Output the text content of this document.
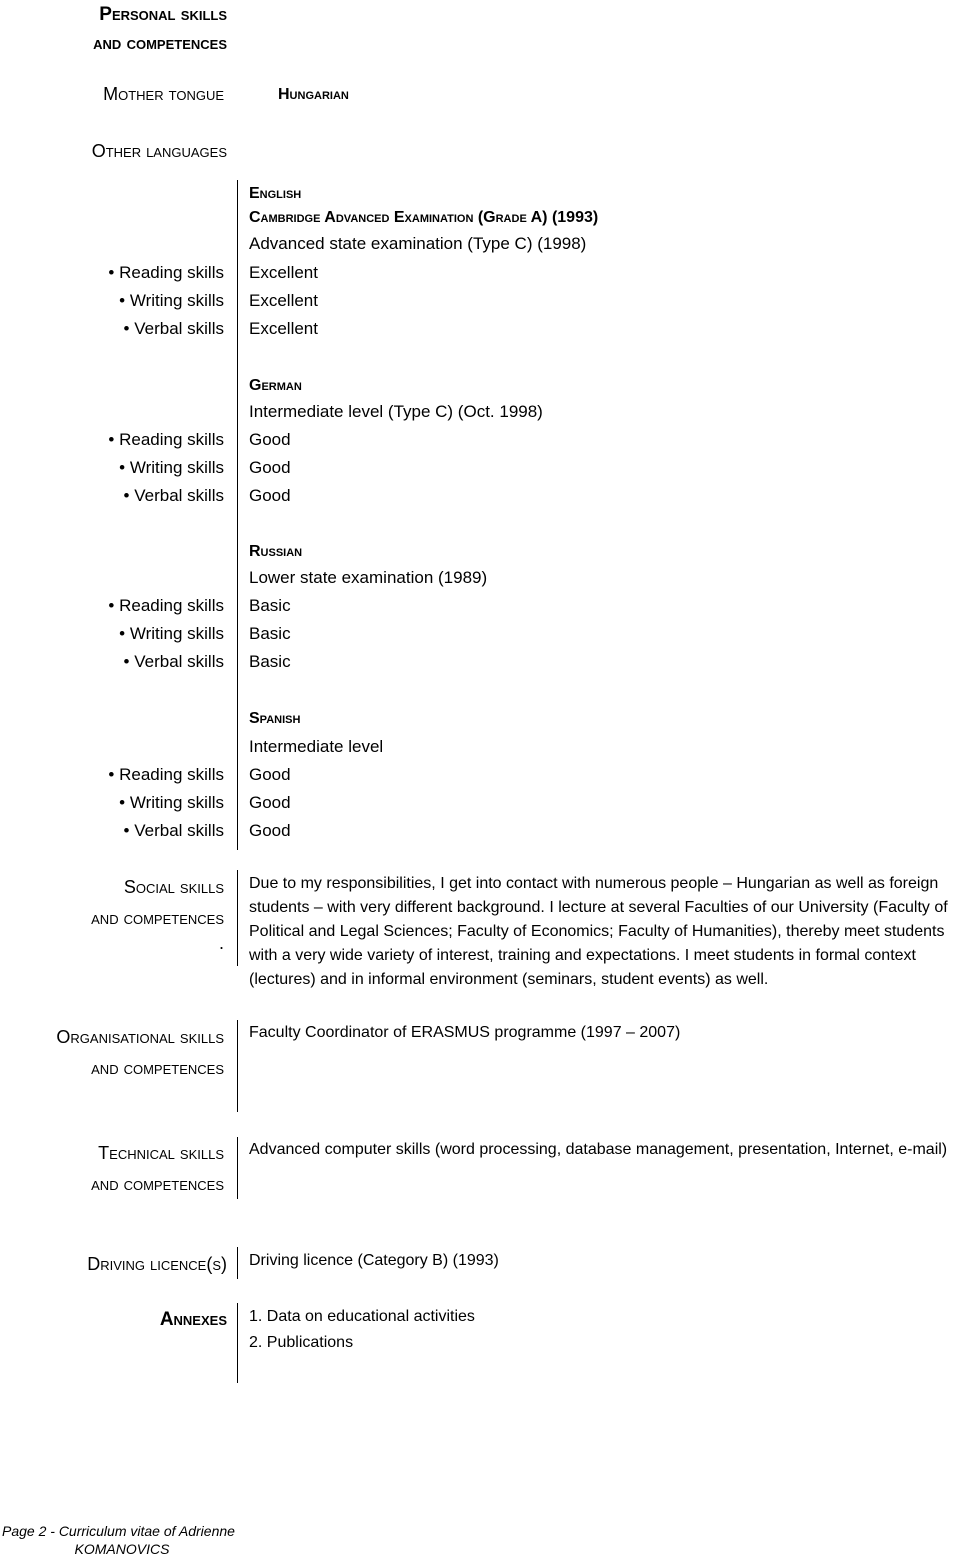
Personal skills
and competences
Mother tongue	Hungarian
Other languages
English
Cambridge Advanced Examination (Grade A) (1993)
Advanced state examination (Type C) (1998)
• Reading skills Excellent
• Writing skills Excellent
• Verbal skills Excellent
German
Intermediate level (Type C) (Oct. 1998)
• Reading skills Good
• Writing skills Good
• Verbal skills Good
Russian
Lower state examination (1989)
• Reading skills Basic
• Writing skills Basic
• Verbal skills Basic
Spanish
Intermediate level
• Reading skills Good
• Writing skills Good
• Verbal skills Good
Social skills
and competences
.
Due to my responsibilities, I get into contact with numerous people – Hungarian as well as foreign students – with very different background. I lecture at several Faculties of our University (Faculty of Political and Legal Sciences; Faculty of Economics; Faculty of Humanities), thereby meet students with a very wide variety of interest, training and expectations. I meet students in formal context (lectures) and in informal environment (seminars, student events) as well.
Organisational skills
and competences
Faculty Coordinator of ERASMUS programme (1997 – 2007)
Technical skills
and competences
Advanced computer skills (word processing, database management, presentation, Internet, e-mail)
Driving licence(s) Driving licence (Category B) (1993)
Annexes 1. Data on educational activities
2. Publications
Page 2 - Curriculum vitae of Adrienne
KOMANOVICS
